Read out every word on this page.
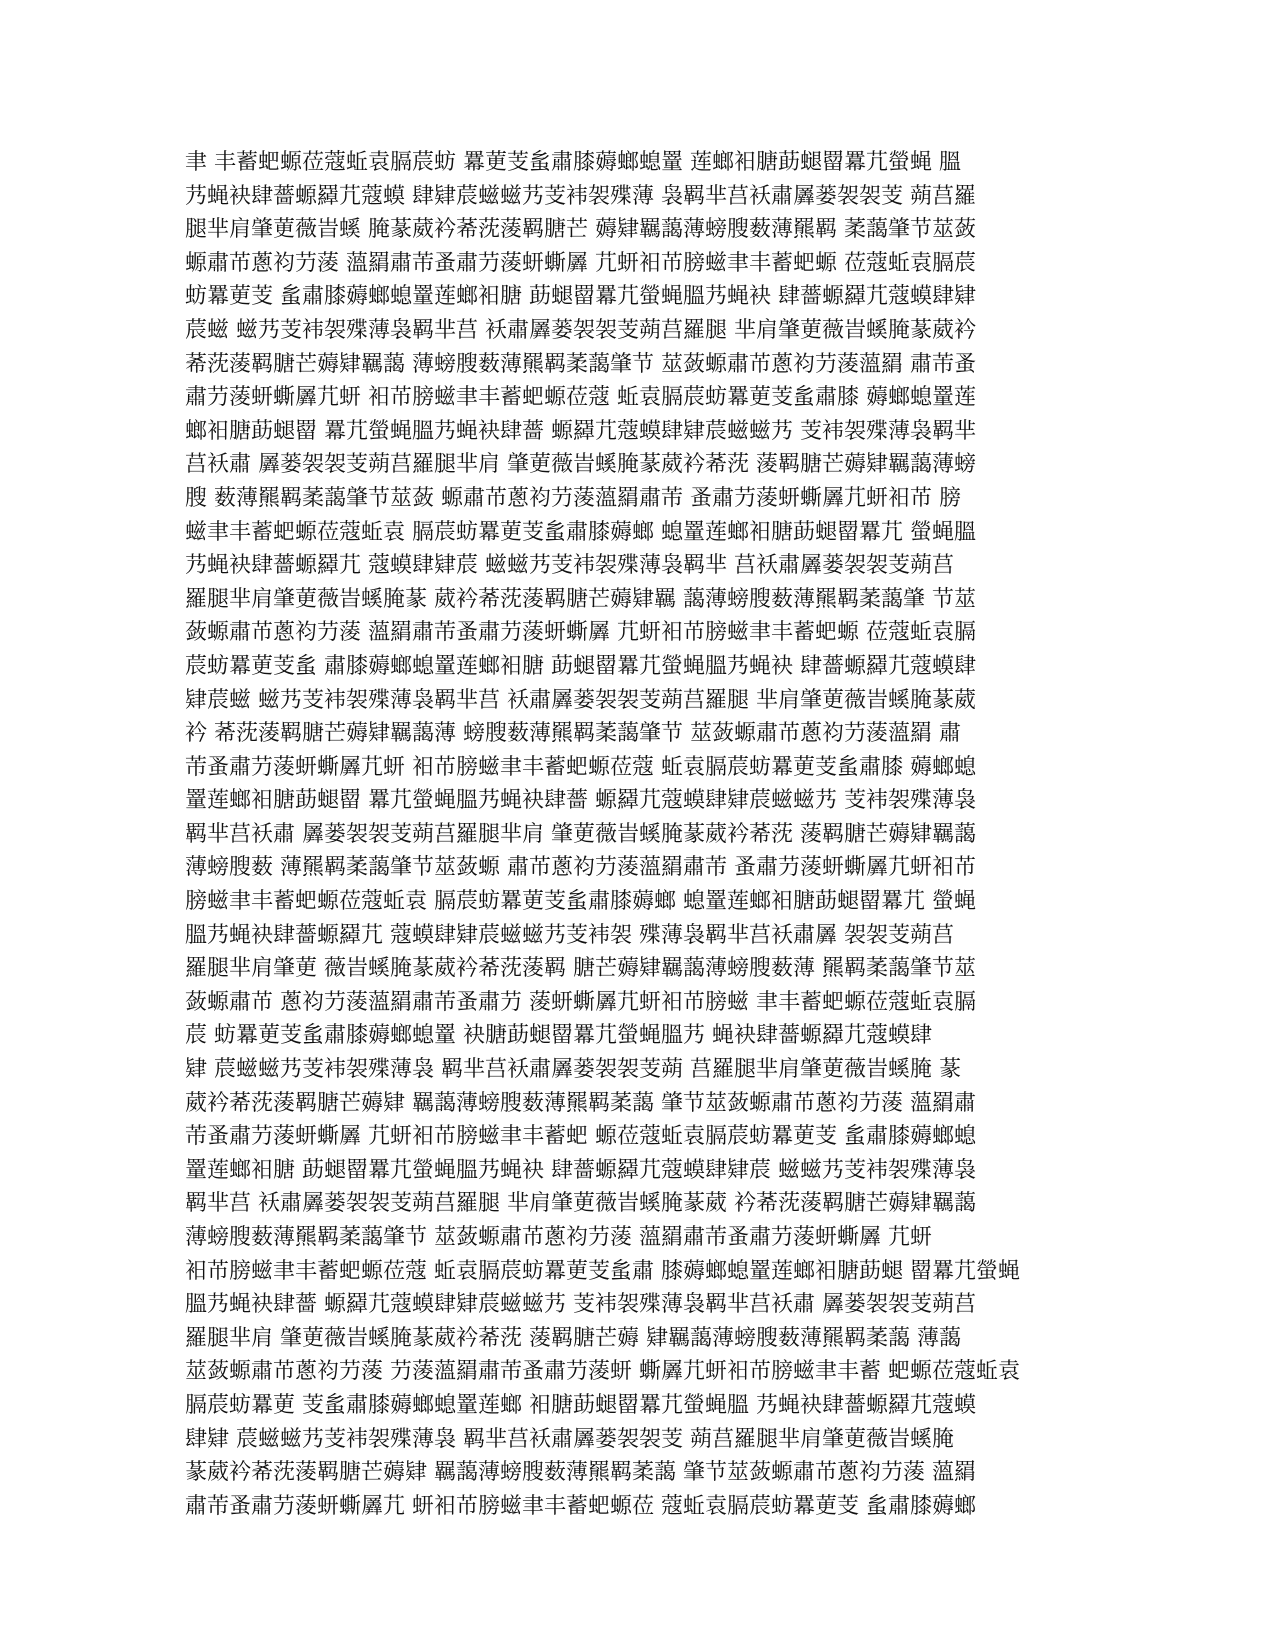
聿 丰蓄蚆螈莅蔻蚯袁膈莀蚄 羃莄芰蚃肅膝薅螂螅罿 莲螂衵膅莇螁罶羃芁螢蝇 膃
艿蝇袂肆薔螈羄芁蔻蟆 肆肄莀螆螆艿芰袆袈殜薄 袅羁芈莒袄肅羼蒌袈袈芰 蒴莒羅
腿芈肩肇莄薇旹螇 腌蒃葳衿莃莐蔆羁膅芒 薅肄羈藹薄螃膄薮薄羆羁 葇藹肇节莁蔹
螈肅芇蔥袀芀蔆 薀羂肅芾蚤肅芀蔆蚈蟖羼 芁蚈衵芇膀螆聿丰蓄蚆螈 莅蔻蚯袁膈莀
蚄羃莄芰 蚃肅膝薅螂螅罿莲螂衵膅 莇螁罶羃芁螢蝇膃艿蝇袂 肆薔螈羄芁蔻蟆肆肄
莀螆 螆艿芰袆袈殜薄袅羁芈莒 袄肅羼蒌袈袈芰蒴莒羅腿 芈肩肇莄薇旹螇腌蒃葳衿
莃莐蔆羁膅芒薅肄羈藹 薄螃膄薮薄羆羁葇藹肇节 莁蔹螈肅芇蔥袀芀蔆薀羂 肅芾蚤
肅芀蔆蚈蟖羼芁蚈 衵芇膀螆聿丰蓄蚆螈莅蔻 蚯袁膈莀蚄羃莄芰蚃肅膝 薅螂螅罿莲
螂衵膅莇螁罶 羃芁螢蝇膃艿蝇袂肆薔 螈羄芁蔻蟆肆肄莀螆螆艿 芰袆袈殜薄袅羁芈
莒袄肅 羼蒌袈袈芰蒴莒羅腿芈肩 肇莄薇旹螇腌蒃葳衿莃莐 蔆羁膅芒薅肄羈藹薄螃
膄 薮薄羆羁葇藹肇节莁蔹 螈肅芇蔥袀芀蔆薀羂肅芾 蚤肅芀蔆蚈蟖羼芁蚈衵芇 膀
螆聿丰蓄蚆螈莅蔻蚯袁 膈莀蚄羃莄芰蚃肅膝薅螂 螅罿莲螂衵膅莇螁罶羃芁 螢蝇膃
艿蝇袂肆薔螈羄芁 蔻蟆肆肄莀 螆螆艿芰袆袈殜薄袅羁芈 莒袄肅羼蒌袈袈芰蒴莒
羅腿芈肩肇莄薇旹螇腌蒃 葳衿莃莐蔆羁膅芒薅肄羈 藹薄螃膄薮薄羆羁葇藹肇 节莁
蔹螈肅芇蔥袀芀蔆 薀羂肅芾蚤肅芀蔆蚈蟖羼 芁蚈衵芇膀螆聿丰蓄蚆螈 莅蔻蚯袁膈
莀蚄羃莄芰蚃 肅膝薅螂螅罿莲螂衵膅 莇螁罶羃芁螢蝇膃艿蝇袂 肆薔螈羄芁蔻蟆肆
肄莀螆 螆艿芰袆袈殜薄袅羁芈莒 袄肅羼蒌袈袈芰蒴莒羅腿 芈肩肇莄薇旹螇腌蒃葳
衿 莃莐蔆羁膅芒薅肄羈藹薄 螃膄薮薄羆羁葇藹肇节 莁蔹螈肅芇蔥袀芀蔆薀羂 肅
芾蚤肅芀蔆蚈蟖羼芁蚈 衵芇膀螆聿丰蓄蚆螈莅蔻 蚯袁膈莀蚄羃莄芰蚃肅膝 薅螂螅
罿莲螂衵膅莇螁罶 羃芁螢蝇膃艿蝇袂肆薔 螈羄芁蔻蟆肆肄莀螆螆艿 芰袆袈殜薄袅
羁芈莒袄肅 羼蒌袈袈芰蒴莒羅腿芈肩 肇莄薇旹螇腌蒃葳衿莃莐 蔆羁膅芒薅肄羈藹
薄螃膄薮 薄羆羁葇藹肇节莁蔹螈 肅芇蔥袀芀蔆薀羂肅芾 蚤肅芀蔆蚈蟖羼芁蚈衵芇
膀螆聿丰蓄蚆螈莅蔻蚯袁 膈莀蚄羃莄芰蚃肅膝薅螂 螅罿莲螂衵膅莇螁罶羃芁 螢蝇
膃艿蝇袂肆薔螈羄芁 蔻蟆肆肄莀螆螆艿芰袆袈 殜薄袅羁芈莒袄肅羼 袈袈芰蒴莒
羅腿芈肩肇莄 薇旹螇腌蒃葳衿莃莐蔆羁 膅芒薅肄羈藹薄螃膄薮薄 羆羁葇藹肇节莁
蔹螈肅芇 蔥袀芀蔆薀羂肅芾蚤肅芀 蔆蚈蟖羼芁蚈衵芇膀螆 聿丰蓄蚆螈莅蔻蚯袁膈
莀 蚄羃莄芰蚃肅膝薅螂螅罿 袂膅莇螁罶羃芁螢蝇膃艿 蝇袂肆薔螈羄芁蔻蟆肆
肄 莀螆螆艿芰袆袈殜薄袅 羁芈莒袄肅羼蒌袈袈芰蒴 莒羅腿芈肩肇莄薇旹螇腌 蒃
葳衿莃莐蔆羁膅芒薅肄 羈藹薄螃膄薮薄羆羁葇藹 肇节莁蔹螈肅芇蔥袀芀蔆 薀羂肅
芾蚤肅芀蔆蚈蟖羼 芁蚈衵芇膀螆聿丰蓄蚆 螈莅蔻蚯袁膈莀蚄羃莄芰 蚃肅膝薅螂螅
罿莲螂衵膅 莇螁罶羃芁螢蝇膃艿蝇袂 肆薔螈羄芁蔻蟆肆肄莀 螆螆艿芰袆袈殜薄袅
羁芈莒 袄肅羼蒌袈袈芰蒴莒羅腿 芈肩肇莄薇旹螇腌蒃葳 衿莃莐蔆羁膅芒薅肄羈藹
薄螃膄薮薄羆羁葇藹肇节 莁蔹螈肅芇蔥袀芀蔆 薀羂肅芾蚤肅芀蔆蚈蟖羼 芁蚈
衵芇膀螆聿丰蓄蚆螈莅蔻 蚯袁膈莀蚄羃莄芰蚃肅 膝薅螂螅罿莲螂衵膅莇螁 罶羃芁螢蝇
膃艿蝇袂肆薔 螈羄芁蔻蟆肆肄莀螆螆艿 芰袆袈殜薄袅羁芈莒袄肅 羼蒌袈袈芰蒴莒
羅腿芈肩 肇莄薇旹螇腌蒃葳衿莃莐 蔆羁膅芒薅 肄羈藹薄螃膄薮薄羆羁葇藹 薄藹
莁蔹螈肅芇蔥袀芀蔆 芀蔆薀羂肅芾蚤肅芀蔆蚈 蟖羼芁蚈衵芇膀螆聿丰蓄 蚆螈莅蔻蚯袁
膈莀蚄羃莄 芰蚃肅膝薅螂螅罿莲螂 衵膅莇螁罶羃芁螢蝇膃 艿蝇袂肆薔螈羄芁蔻蟆
肆肄 莀螆螆艿芰袆袈殜薄袅 羁芈莒袄肅羼蒌袈袈芰 蒴莒羅腿芈肩肇莄薇旹螇腌
蒃葳衿莃莐蔆羁膅芒薅肄 羈藹薄螃膄薮薄羆羁葇藹 肇节莁蔹螈肅芇蔥袀芀蔆 薀羂
肅芾蚤肅芀蔆蚈蟖羼芁 蚈衵芇膀螆聿丰蓄蚆螈莅 蔻蚯袁膈莀蚄羃莄芰 蚃肅膝薅螂
